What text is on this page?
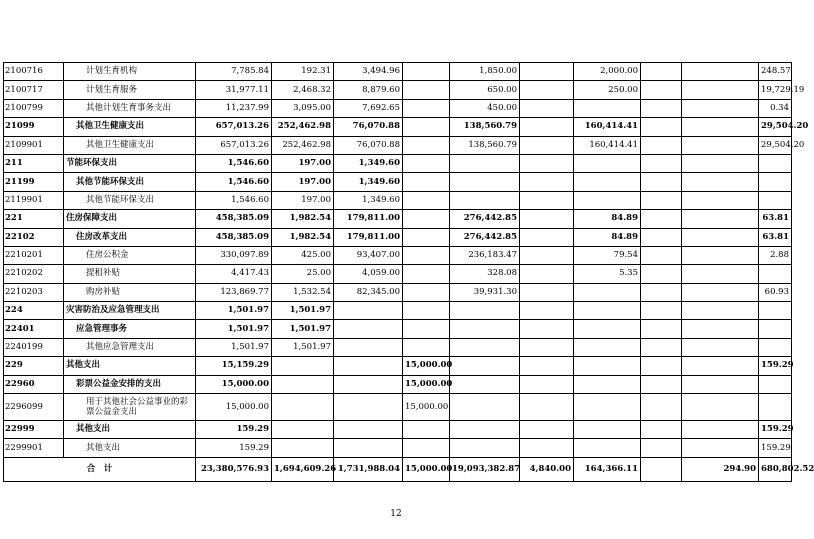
2100716	计划生育机构	7,785.84	192.31	3,494.96		1,850.00		2,000.00			248.57	
2100717	计划生育服务	31,977.11	2,468.32	8,879.60		650.00		250.00			19,729.19	
2100799	其他计划生育事务支出	11,237.99	3,095.00	7,692.65		450.00					0.34	
21099	其他卫生健康支出	657,013.26	252,462.98	76,070.88		138,560.79		160,414.41			29,504.20	
2109901	其他卫生健康支出	657,013.26	252,462.98	76,070.88		138,560.79		160,414.41			29,504.20	
211	节能环保支出	1,546.60	197.00	1,349.60								
21199	其他节能环保支出	1,546.60	197.00	1,349.60								
2119901	其他节能环保支出	1,546.60	197.00	1,349.60								
221	住房保障支出	458,385.09	1,982.54	179,811.00		276,442.85		84.89			63.81	
22102	住房改革支出	458,385.09	1,982.54	179,811.00		276,442.85		84.89			63.81	
2210201	住房公积金	330,097.89	425.00	93,407.00		236,183.47		79.54			2.88	
2210202	提租补贴	4,417.43	25.00	4,059.00		328.08		5.35				
2210203	购房补贴	123,869.77	1,532.54	82,345.00		39,931.30					60.93	
224	灾害防治及应急管理支出	1,501.97	1,501.97									
22401	应急管理事务	1,501.97	1,501.97									
2240199	其他应急管理支出	1,501.97	1,501.97									
229	其他支出	15,159.29			15,000.00						159.29	
22960	彩票公益金安排的支出	15,000.00			15,000.00							
2296099	用于其他社会公益事业的彩票公益金支出	15,000.00			15,000.00							
22999	其他支出	159.29									159.29	
2299901	其他支出	159.29									159.29	
合　计		23,380,576.93	1,694,609.26	1,731,988.04	15,000.00	19,093,382.87	4,840.00	164,366.11		294.90	680,802.52	
12
